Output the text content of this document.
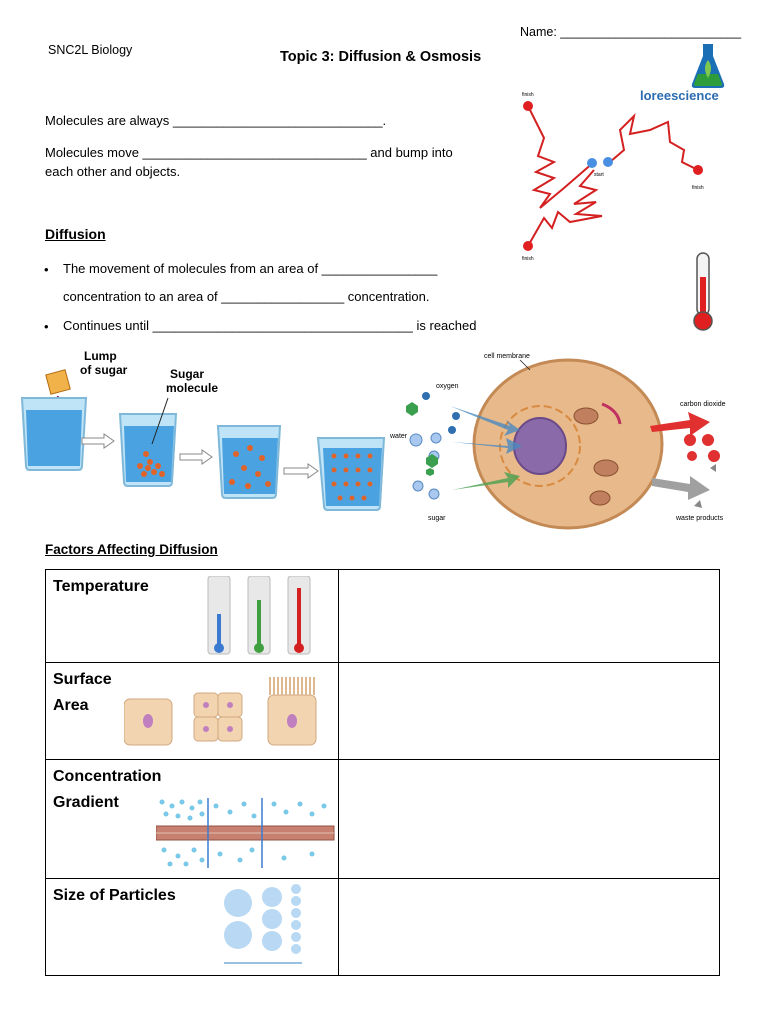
SNC2L Biology
Name: __________________________
Topic 3: Diffusion & Osmosis
loreescience
Molecules are always _____________________________.
Molecules move _______________________________ and bump into
each other and objects.
finish
start
finish
finish
Diffusion
• The movement of molecules from an area of ________________
concentration to an area of _________________ concentration.
• Continues until ____________________________________ is reached
Lump of sugar	Sugar molecule
cell membrane
oxygen
water
sugar
carbon dioxide
waste products
Factors Affecting Diffusion
Temperature	

Surface
Area	

Concentration
Gradient	

Size of Particles	
